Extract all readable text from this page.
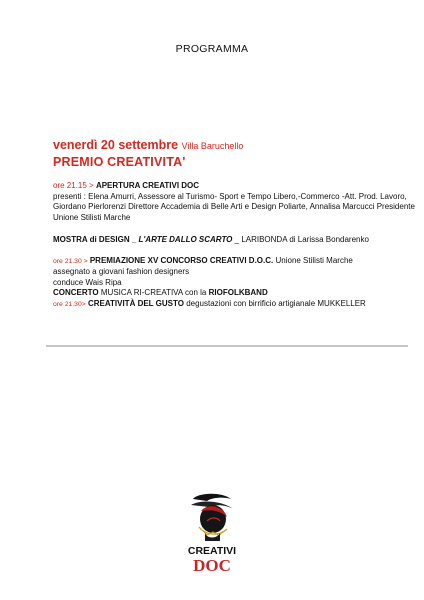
PROGRAMMA
venerdì 20 settembre Villa Baruchello
PREMIO CREATIVITA'
ore 21.15 > APERTURA CREATIVI DOC
presenti : Elena Amurri, Assessore al Turismo- Sport e Tempo Libero,-Commerco -Att. Prod. Lavoro,
Giordano Pierlorenzi Direttore Accademia di Belle Arti e Design Poliarte, Annalisa Marcucci Presidente
Unione Stilisti Marche
MOSTRA di DESIGN _ L'ARTE DALLO SCARTO _ LARIBONDA di Larissa Bondarenko
ore 21.30 > PREMIAZIONE XV CONCORSO CREATIVI D.O.C. Unione Stilisti Marche
assegnato a giovani fashion designers
conduce Wais Ripa
CONCERTO MUSICA RI-CREATIVA con la RIOFOLKBAND
ore 21.30> CREATIVITÀ DEL GUSTO degustazioni con birrificio artigianale MUKKELLER
CREATIVI
DOC
